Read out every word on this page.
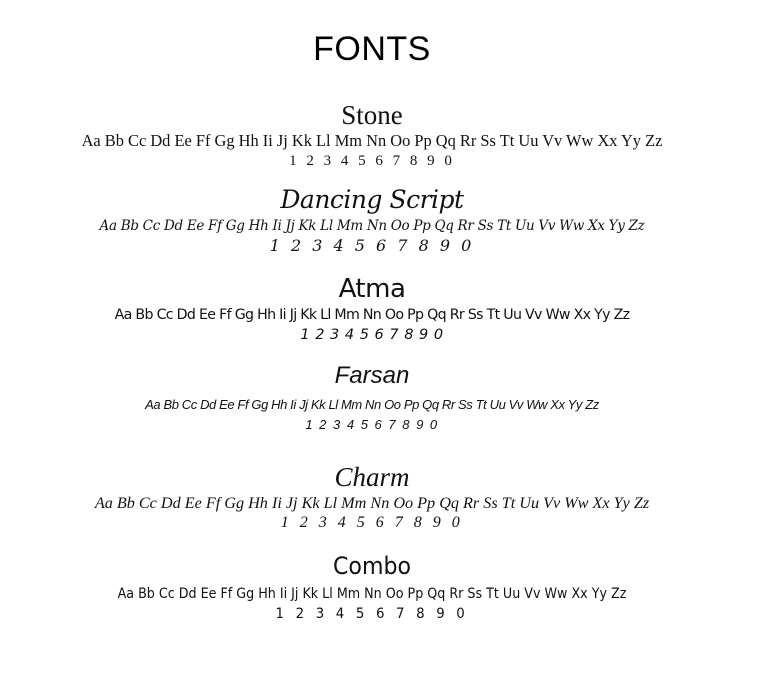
FONTS
Stone
Aa Bb Cc Dd Ee Ff Gg Hh Ii Jj Kk Ll Mm Nn Oo Pp Qq Rr Ss Tt Uu Vv Ww Xx Yy Zz
1 2 3 4 5 6 7 8 9 0
Dancing Script
Aa Bb Cc Dd Ee Ff Gg Hh Ii Jj Kk Ll Mm Nn Oo Pp Qq Rr Ss Tt Uu Vv Ww Xx Yy Zz
1 2 3 4 5 6 7 8 9 0
Atma
Aa Bb Cc Dd Ee Ff Gg Hh Ii Jj Kk Ll Mm Nn Oo Pp Qq Rr Ss Tt Uu Vv Ww Xx Yy Zz
1 2 3 4 5 6 7 8 9 0
Farsan
Aa Bb Cc Dd Ee Ff Gg Hh Ii Jj Kk Ll Mm Nn Oo Pp Qq Rr Ss Tt Uu Vv Ww Xx Yy Zz
1 2 3 4 5 6 7 8 9 0
Charm
Aa Bb Cc Dd Ee Ff Gg Hh Ii Jj Kk Ll Mm Nn Oo Pp Qq Rr Ss Tt Uu Vv Ww Xx Yy Zz
1 2 3 4 5 6 7 8 9 0
Combo
Aa Bb Cc Dd Ee Ff Gg Hh Ii Jj Kk Ll Mm Nn Oo Pp Qq Rr Ss Tt Uu Vv Ww Xx Yy Zz
1 2 3 4 5 6 7 8 9 0
